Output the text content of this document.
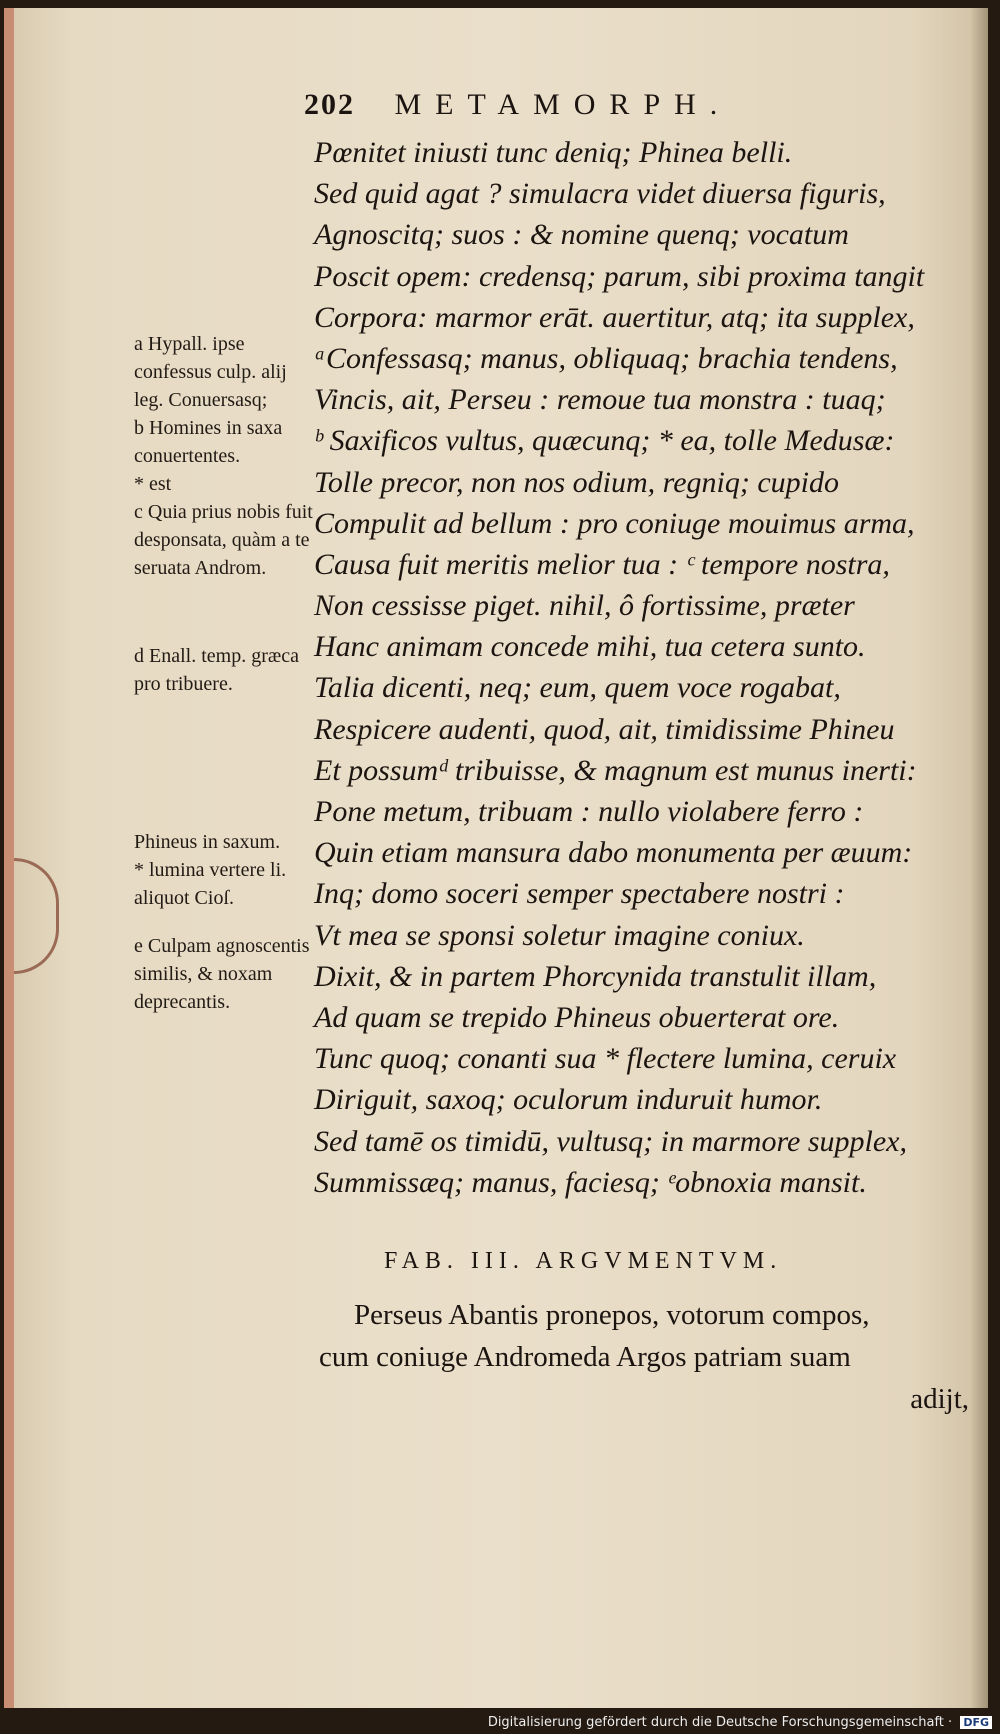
202 METAMORPH.
Pœnitet iniusti tunc deniq; Phinea belli.
Sed quid agat ? simulacra videt diuersa figuris,
Agnoscitq; suos : & nomine quenq; vocatum
Poscit opem: credensq; parum, sibi proxima tangit
Corpora: marmor erāt. auertitur, atq; ita supplex,
ᵃConfessasq; manus, obliquaq; brachia tendens,
Vincis, ait, Perseu : remoue tua monstra : tuaq;
ᵇ Saxificos vultus, quæcunq; * ea, tolle Medusæ:
Tolle precor, non nos odium, regniq; cupido
Compulit ad bellum : pro coniuge mouimus arma,
Causa fuit meritis melior tua : ᶜ tempore nostra,
Non cessisse piget. nihil, ô fortissime, præter
Hanc animam concede mihi, tua cetera sunto.
Talia dicenti, neq; eum, quem voce rogabat,
Respicere audenti, quod, ait, timidissime Phineu
Et possumᵈ tribuisse, & magnum est munus inerti:
Pone metum, tribuam : nullo violabere ferro :
Quin etiam mansura dabo monumenta per æuum:
Inq; domo soceri semper spectabere nostri :
Vt mea se sponsi soletur imagine coniux.
Dixit, & in partem Phorcynida transtulit illam,
Ad quam se trepido Phineus obuerterat ore.
Tunc quoq; conanti sua * flectere lumina, ceruix
Diriguit, saxoq; oculorum induruit humor.
Sed tamē os timidū, vultusq; in marmore supplex,
Summissæq; manus, faciesq; ᵉobnoxia mansit.
a Hypall. ipse confessus culp. alij leg. Conuersasq;
b Homines in saxa conuertentes.
* est
c Quia prius nobis fuit desponsata, quàm a te seruata Androm.
d Enall. temp. græca pro tribuere.
Phineus in saxum.
* lumina vertere li. aliquot Cioſ.
e Culpam agnoscentis similis, & noxam deprecantis.
FAB. III. ARGVMENTVM.
Perseus Abantis pronepos, votorum compos,
cum coniuge Andromeda Argos patriam suam
adijt,
Digitalisierung gefördert durch die Deutsche Forschungsgemeinschaft · DFG
